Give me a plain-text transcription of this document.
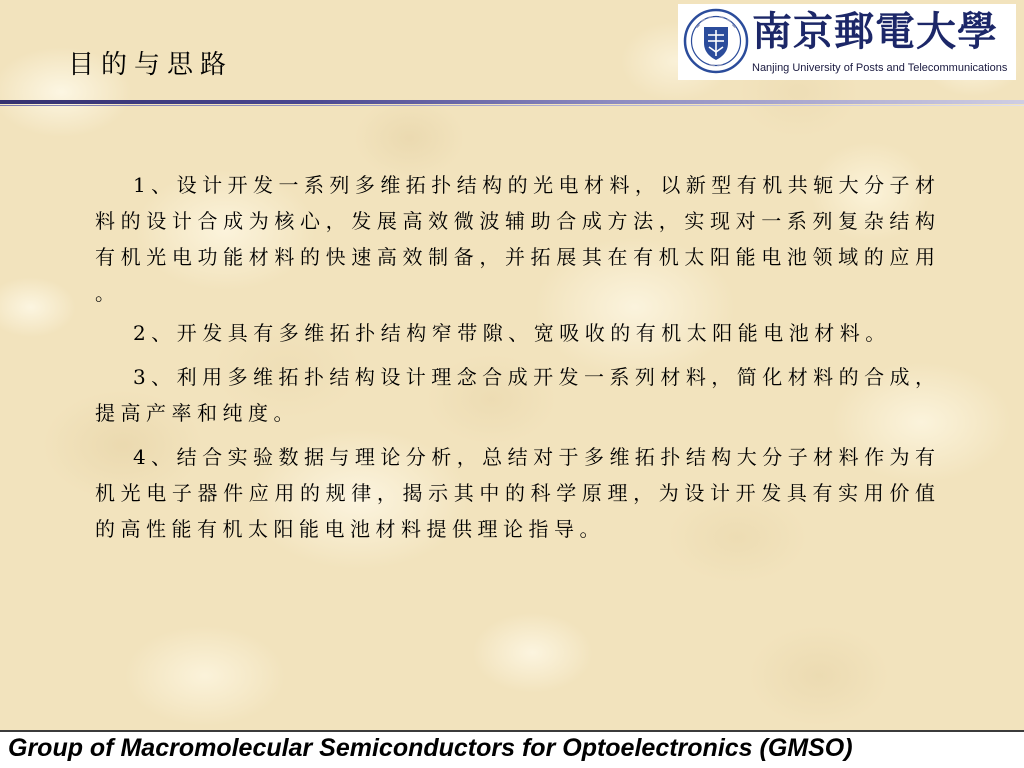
目的与思路
南京郵電大學
Nanjing University of Posts and Telecommunications
1、设计开发一系列多维拓扑结构的光电材料，以新型有机共轭大分子材
料的设计合成为核心，发展高效微波辅助合成方法，实现对一系列复杂结构
有机光电功能材料的快速高效制备，并拓展其在有机太阳能电池领域的应用
。
2、开发具有多维拓扑结构窄带隙、宽吸收的有机太阳能电池材料。
3、利用多维拓扑结构设计理念合成开发一系列材料，简化材料的合成，
提高产率和纯度。
4、结合实验数据与理论分析，总结对于多维拓扑结构大分子材料作为有
机光电子器件应用的规律，揭示其中的科学原理，为设计开发具有实用价值
的高性能有机太阳能电池材料提供理论指导。
Group of Macromolecular Semiconductors for Optoelectronics (GMSO)
